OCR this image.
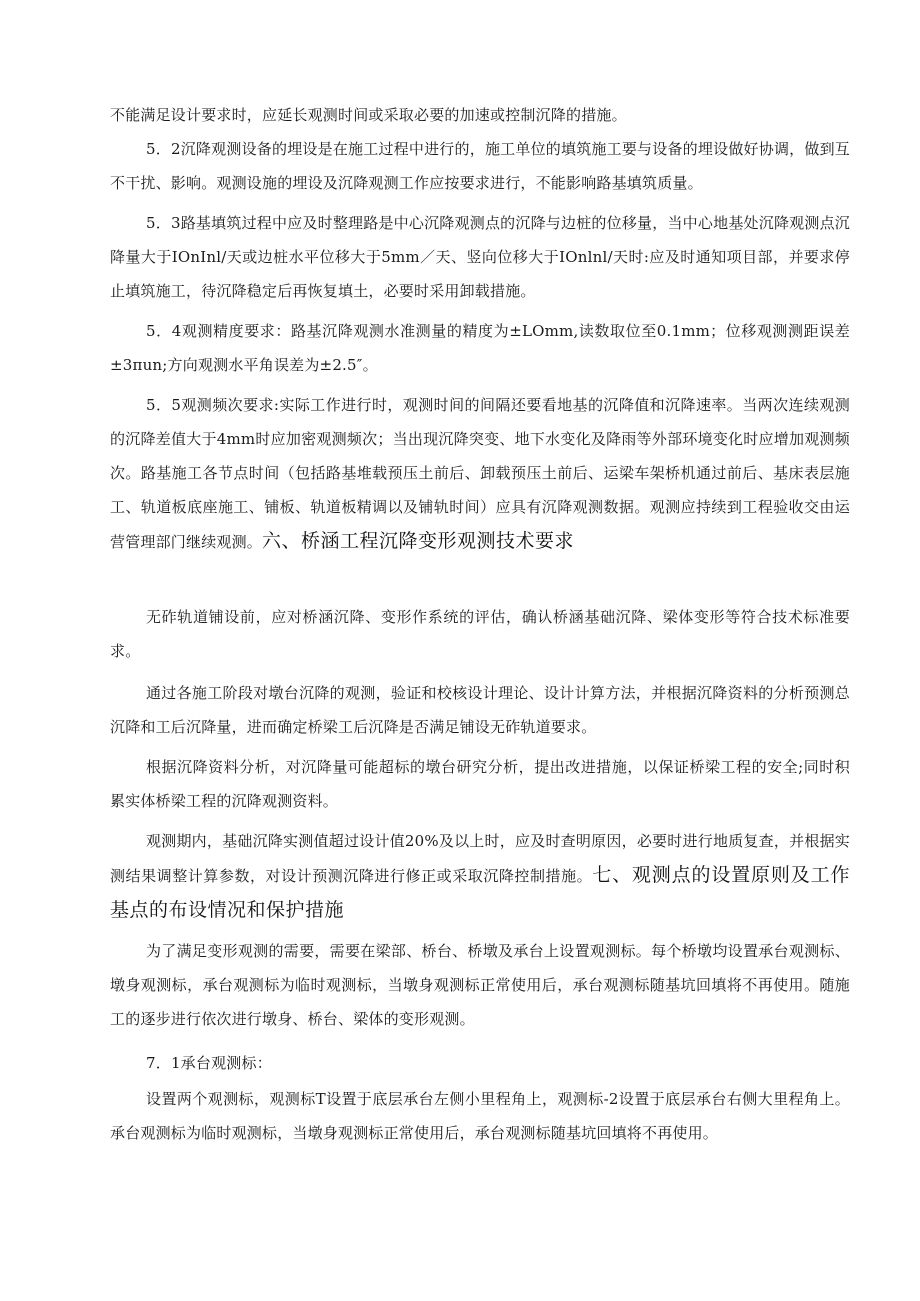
不能满足设计要求时，应延长观测时间或采取必要的加速或控制沉降的措施。

5．2沉降观测设备的埋设是在施工过程中进行的，施工单位的填筑施工要与设备的埋设做好协调，做到互不干扰、影响。观测设施的埋设及沉降观测工作应按要求进行，不能影响路基填筑质量。

5．3路基填筑过程中应及时整理路是中心沉降观测点的沉降与边桩的位移量，当中心地基处沉降观测点沉降量大于IOnInl/天或边桩水平位移大于5mm／天、竖向位移大于IOnlnl/天时:应及时通知项目部，并要求停止填筑施工，待沉降稳定后再恢复填土，必要时采用卸载措施。

5．4观测精度要求：路基沉降观测水准测量的精度为±LOmm,读数取位至0.1mm；位移观测测距误差±3πun;方向观测水平角误差为±2.5″。

5．5观测频次要求:实际工作进行时，观测时间的间隔还要看地基的沉降值和沉降速率。当两次连续观测的沉降差值大于4mm时应加密观测频次；当出现沉降突变、地下水变化及降雨等外部环境变化时应增加观测频次。路基施工各节点时间（包括路基堆载预压土前后、卸载预压土前后、运梁车架桥机通过前后、基床表层施工、轨道板底座施工、铺板、轨道板精调以及铺轨时间）应具有沉降观测数据。观测应持续到工程验收交由运营管理部门继续观测。六、桥涵工程沉降变形观测技术要求

无砟轨道铺设前，应对桥涵沉降、变形作系统的评估，确认桥涵基础沉降、梁体变形等符合技术标准要求。

通过各施工阶段对墩台沉降的观测，验证和校核设计理论、设计计算方法，并根据沉降资料的分析预测总沉降和工后沉降量，进而确定桥梁工后沉降是否满足铺设无砟轨道要求。

根据沉降资料分析，对沉降量可能超标的墩台研究分析，提出改进措施，以保证桥梁工程的安全;同时积累实体桥梁工程的沉降观测资料。

观测期内，基础沉降实测值超过设计值20%及以上时，应及时查明原因，必要时进行地质复查，并根据实测结果调整计算参数，对设计预测沉降进行修正或采取沉降控制措施。七、观测点的设置原则及工作基点的布设情况和保护措施

为了满足变形观测的需要，需要在梁部、桥台、桥墩及承台上设置观测标。每个桥墩均设置承台观测标、墩身观测标，承台观测标为临时观测标，当墩身观测标正常使用后，承台观测标随基坑回填将不再使用。随施工的逐步进行依次进行墩身、桥台、梁体的变形观测。

7．1承台观测标：

设置两个观测标，观测标T设置于底层承台左侧小里程角上，观测标-2设置于底层承台右侧大里程角上。承台观测标为临时观测标，当墩身观测标正常使用后，承台观测标随基坑回填将不再使用。
